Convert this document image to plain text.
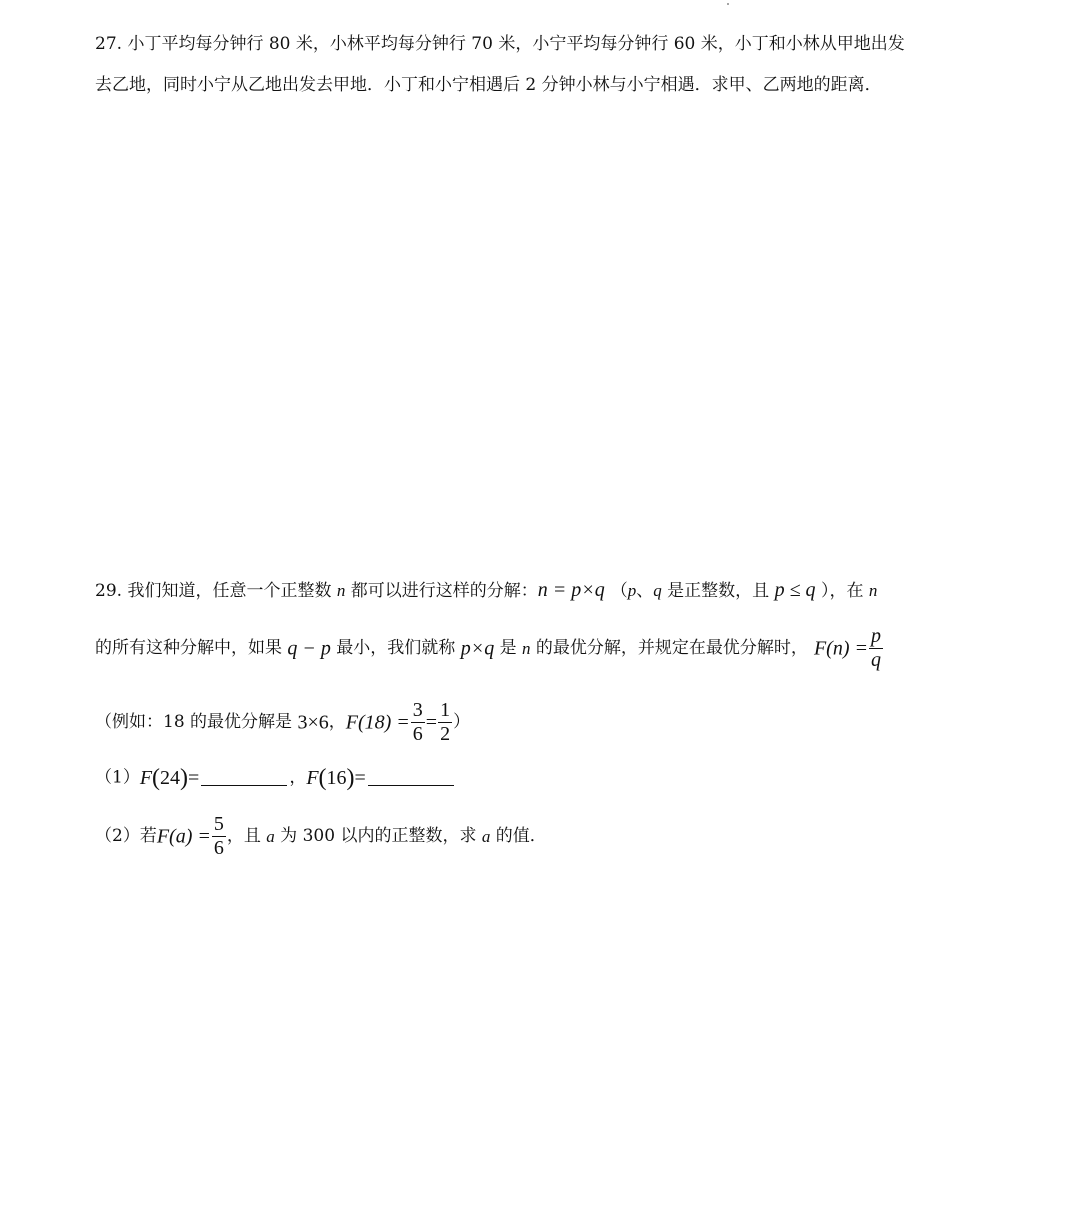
27. 小丁平均每分钟行 80 米，小林平均每分钟行 70 米，小宁平均每分钟行 60 米，小丁和小林从甲地出发
去乙地，同时小宁从乙地出发去甲地．小丁和小宁相遇后 2 分钟小林与小宁相遇．求甲、乙两地的距离．
29. 我们知道，任意一个正整数 n 都可以进行这样的分解：n = p×q （p、q 是正整数，且 p ≤ q ），在 n
的所有这种分解中，如果 q − p 最小，我们就称 p×q 是 n 的最优分解，并规定在最优分解时， $F(n) = \frac{p}{q}$
（例如：18 的最优分解是 3×6，$F(18) = \frac{3}{6} = \frac{1}{2}$ ）
（1）F(24)=	，F(16)=
（2）若$F(a) = \frac{5}{6}$ ，且 a 为 300 以内的正整数，求 a 的值．
